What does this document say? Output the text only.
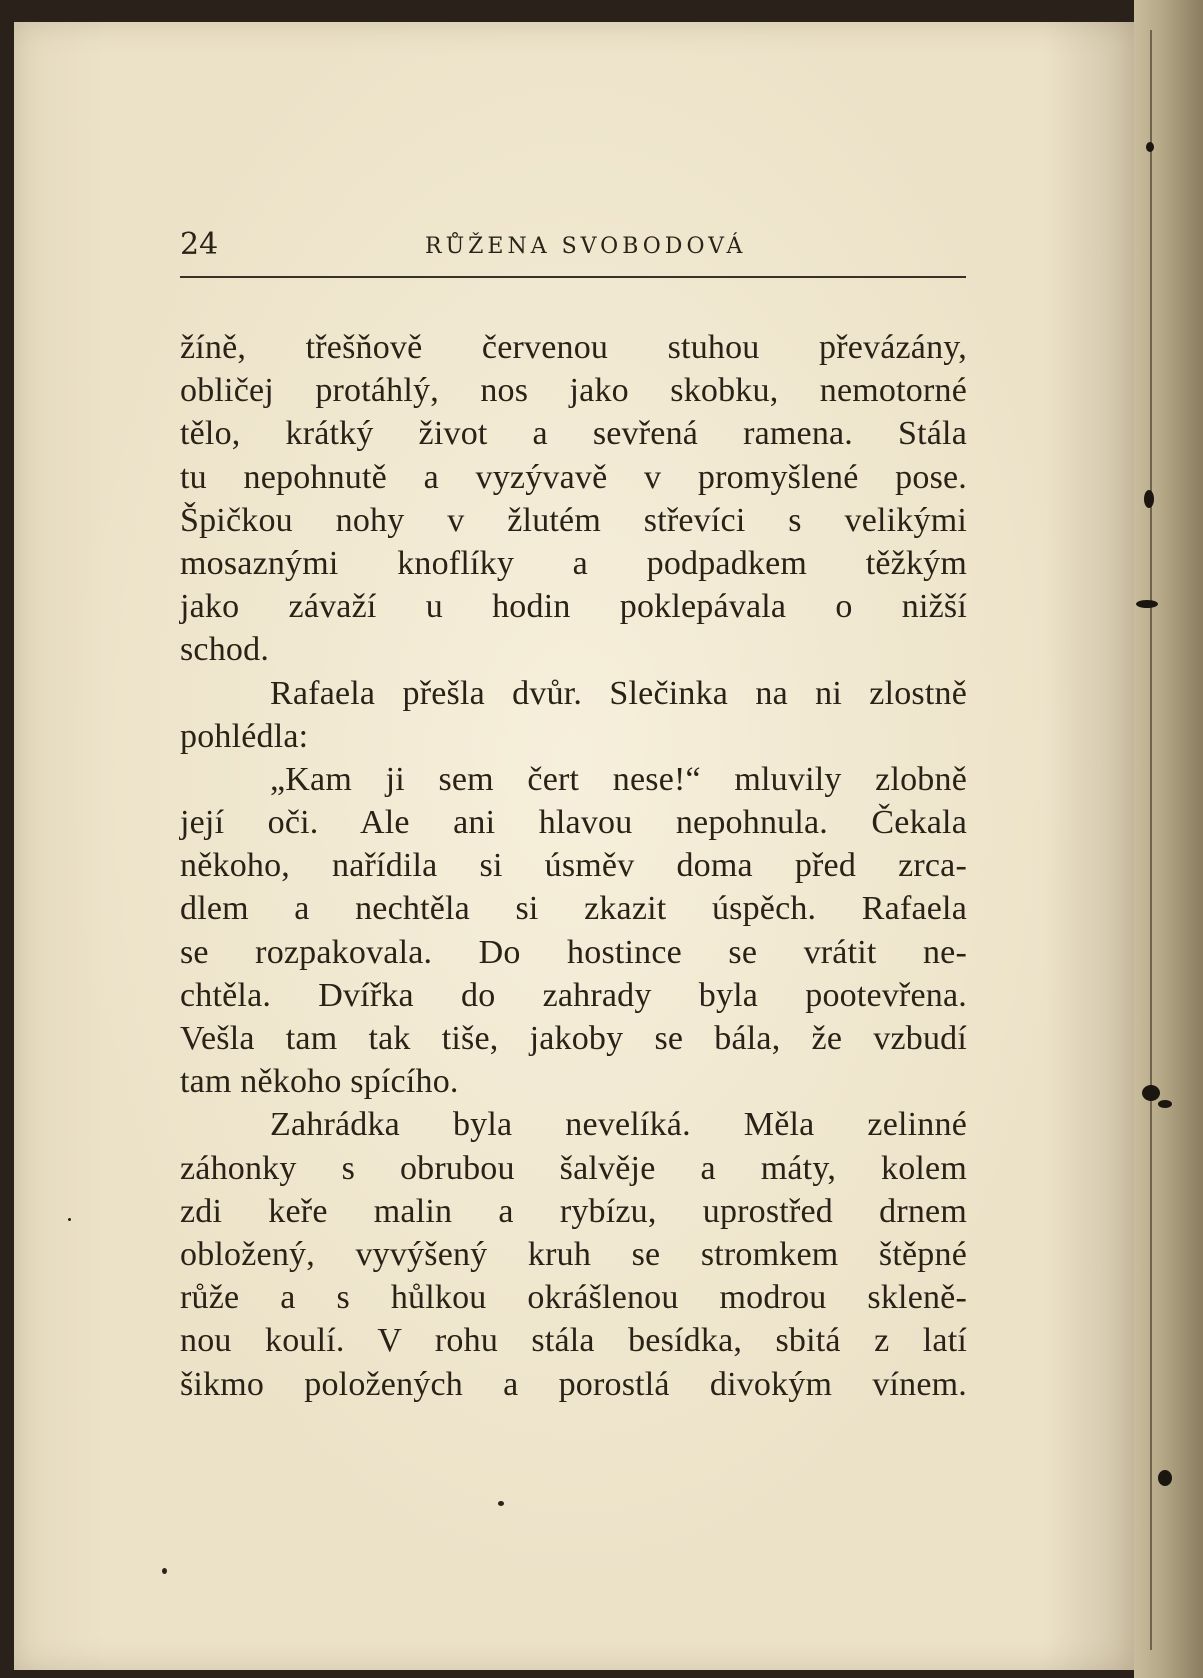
24	RŮŽENA SVOBODOVÁ
žíně, třešňově červenou stuhou převázány,
obličej protáhlý, nos jako skobku, nemotorné
tělo, krátký život a sevřená ramena. Stála
tu nepohnutě a vyzývavě v promyšlené pose.
Špičkou nohy v žlutém střevíci s velikými
mosaznými knoflíky a podpadkem těžkým
jako závaží u hodin poklepávala o nižší
schod.
Rafaela přešla dvůr. Slečinka na ni zlostně
pohlédla:
„Kam ji sem čert nese!“ mluvily zlobně
její oči. Ale ani hlavou nepohnula. Čekala
někoho, nařídila si úsměv doma před zrca-
dlem a nechtěla si zkazit úspěch. Rafaela
se rozpakovala. Do hostince se vrátit ne-
chtěla. Dvířka do zahrady byla pootevřena.
Vešla tam tak tiše, jakoby se bála, že vzbudí
tam někoho spícího.
Zahrádka byla nevelíká. Měla zelinné
záhonky s obrubou šalvěje a máty, kolem
zdi keře malin a rybízu, uprostřed drnem
obložený, vyvýšený kruh se stromkem štěpné
růže a s hůlkou okrášlenou modrou skleně-
nou koulí. V rohu stála besídka, sbitá z latí
šikmo položených a porostlá divokým vínem.
